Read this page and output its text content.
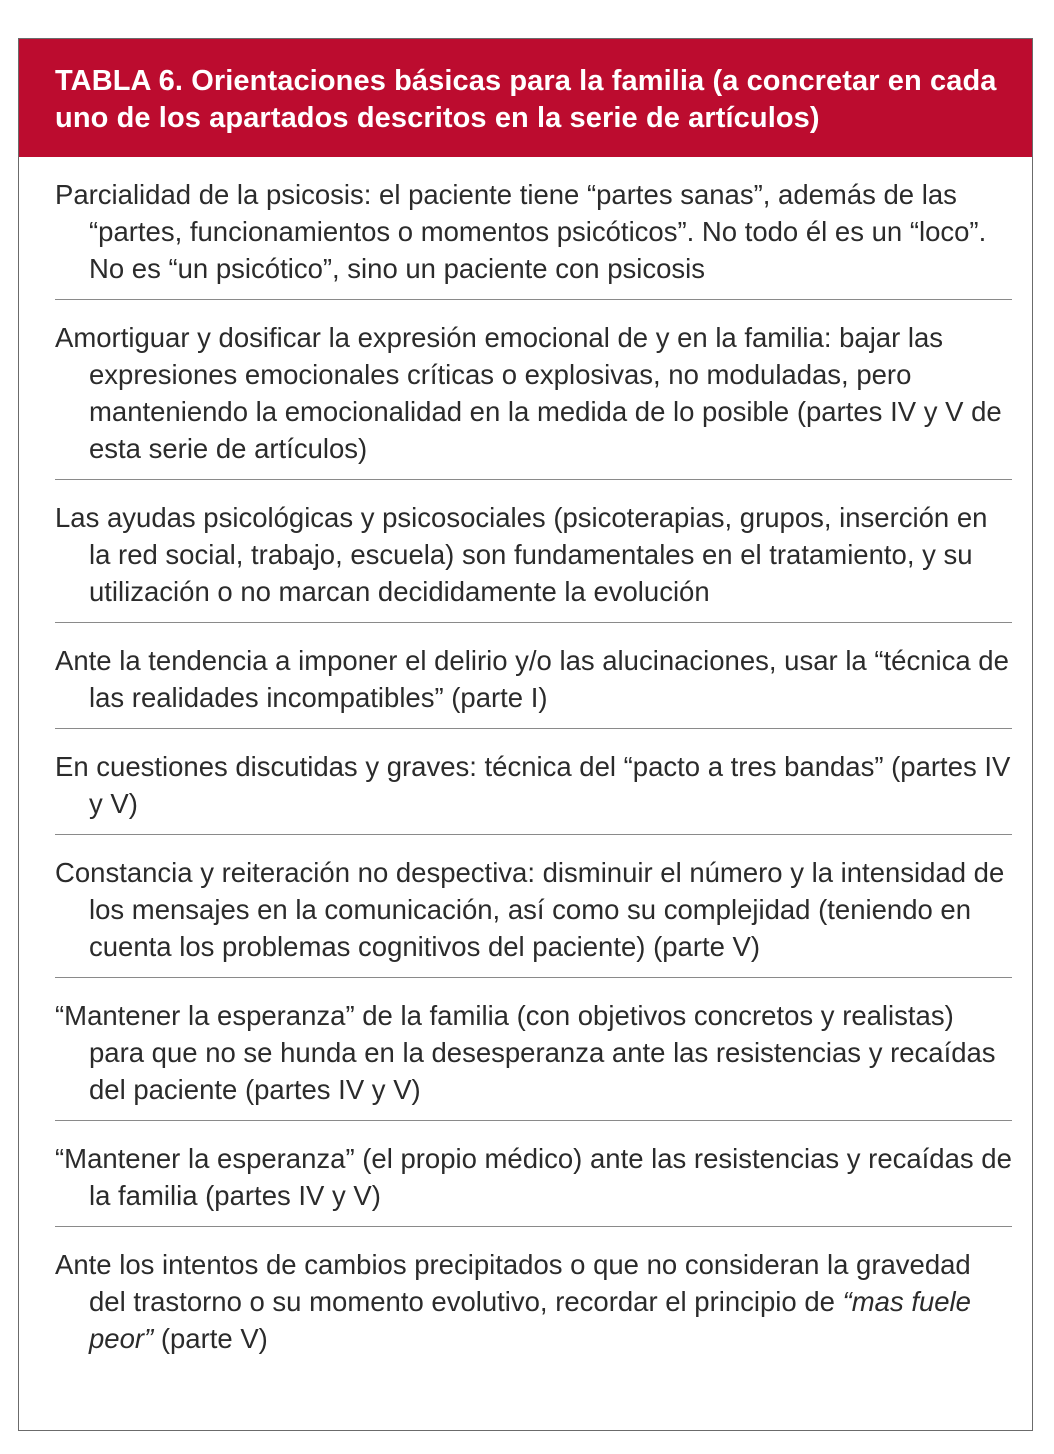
TABLA 6. Orientaciones básicas para la familia (a concretar en cada uno de los apartados descritos en la serie de artículos)

Parcialidad de la psicosis: el paciente tiene “partes sanas”, además de las “partes, funcionamientos o momentos psicóticos”. No todo él es un “loco”. No es “un psicótico”, sino un paciente con psicosis

Amortiguar y dosificar la expresión emocional de y en la familia: bajar las expresiones emocionales críticas o explosivas, no moduladas, pero manteniendo la emocionalidad en la medida de lo posible (partes IV y V de esta serie de artículos)

Las ayudas psicológicas y psicosociales (psicoterapias, grupos, inserción en la red social, trabajo, escuela) son fundamentales en el tratamiento, y su utilización o no marcan decididamente la evolución

Ante la tendencia a imponer el delirio y/o las alucinaciones, usar la “técnica de las realidades incompatibles” (parte I)

En cuestiones discutidas y graves: técnica del “pacto a tres bandas” (partes IV y V)

Constancia y reiteración no despectiva: disminuir el número y la intensidad de los mensajes en la comunicación, así como su complejidad (teniendo en cuenta los problemas cognitivos del paciente) (parte V)

“Mantener la esperanza” de la familia (con objetivos concretos y realistas) para que no se hunda en la desesperanza ante las resistencias y recaídas del paciente (partes IV y V)

“Mantener la esperanza” (el propio médico) ante las resistencias y recaídas de la familia (partes IV y V)

Ante los intentos de cambios precipitados o que no consideran la gravedad del trastorno o su momento evolutivo, recordar el principio de “mas fuele peor” (parte V)
